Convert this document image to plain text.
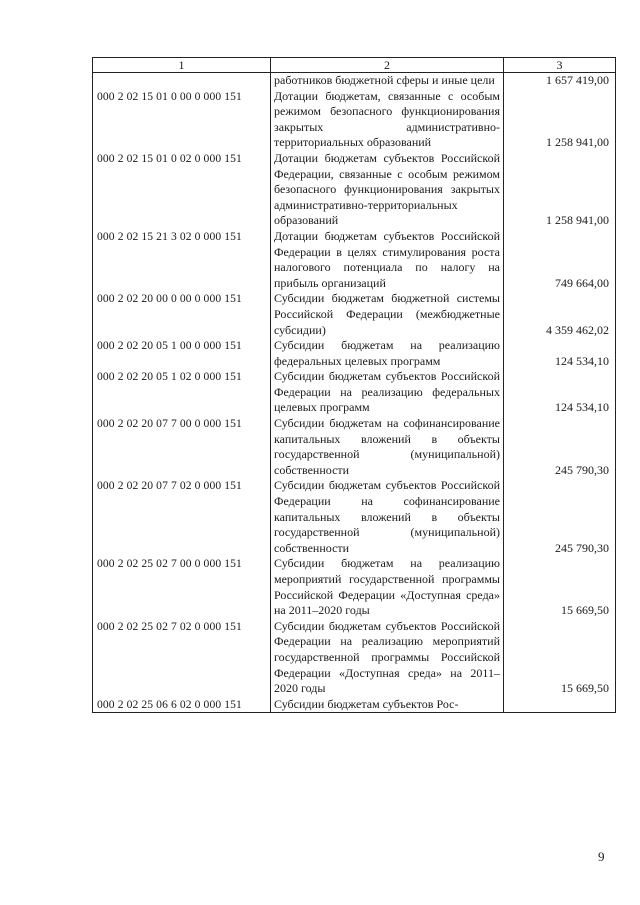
1	2	3
	работников бюджетной сферы и иные цели	1 657 419,00
000 2 02 15 01 0 00 0 000 151	Дотации бюджетам, связанные с особым режимом безопасного функционирования закрытых административно-территориальных образований	1 258 941,00
000 2 02 15 01 0 02 0 000 151	Дотации бюджетам субъектов Российской Федерации, связанные с особым режимом безопасного функционирования закрытых административно-территориальных образований	1 258 941,00
000 2 02 15 21 3 02 0 000 151	Дотации бюджетам субъектов Российской Федерации в целях стимулирования роста налогового потенциала по налогу на прибыль организаций	749 664,00
000 2 02 20 00 0 00 0 000 151	Субсидии бюджетам бюджетной системы Российской Федерации (межбюджетные субсидии)	4 359 462,02
000 2 02 20 05 1 00 0 000 151	Субсидии бюджетам на реализацию федеральных целевых программ	124 534,10
000 2 02 20 05 1 02 0 000 151	Субсидии бюджетам субъектов Российской Федерации на реализацию федеральных целевых программ	124 534,10
000 2 02 20 07 7 00 0 000 151	Субсидии бюджетам на софинансирование капитальных вложений в объекты государственной (муниципальной) собственности	245 790,30
000 2 02 20 07 7 02 0 000 151	Субсидии бюджетам субъектов Российской Федерации на софинансирование капитальных вложений в объекты государственной (муниципальной) собственности	245 790,30
000 2 02 25 02 7 00 0 000 151	Субсидии бюджетам на реализацию мероприятий государственной программы Российской Федерации «Доступная среда» на 2011–2020 годы	15 669,50
000 2 02 25 02 7 02 0 000 151	Субсидии бюджетам субъектов Российской Федерации на реализацию мероприятий государственной программы Российской Федерации «Доступная среда» на 2011–2020 годы	15 669,50
000 2 02 25 06 6 02 0 000 151	Субсидии бюджетам субъектов Рос-	
9
